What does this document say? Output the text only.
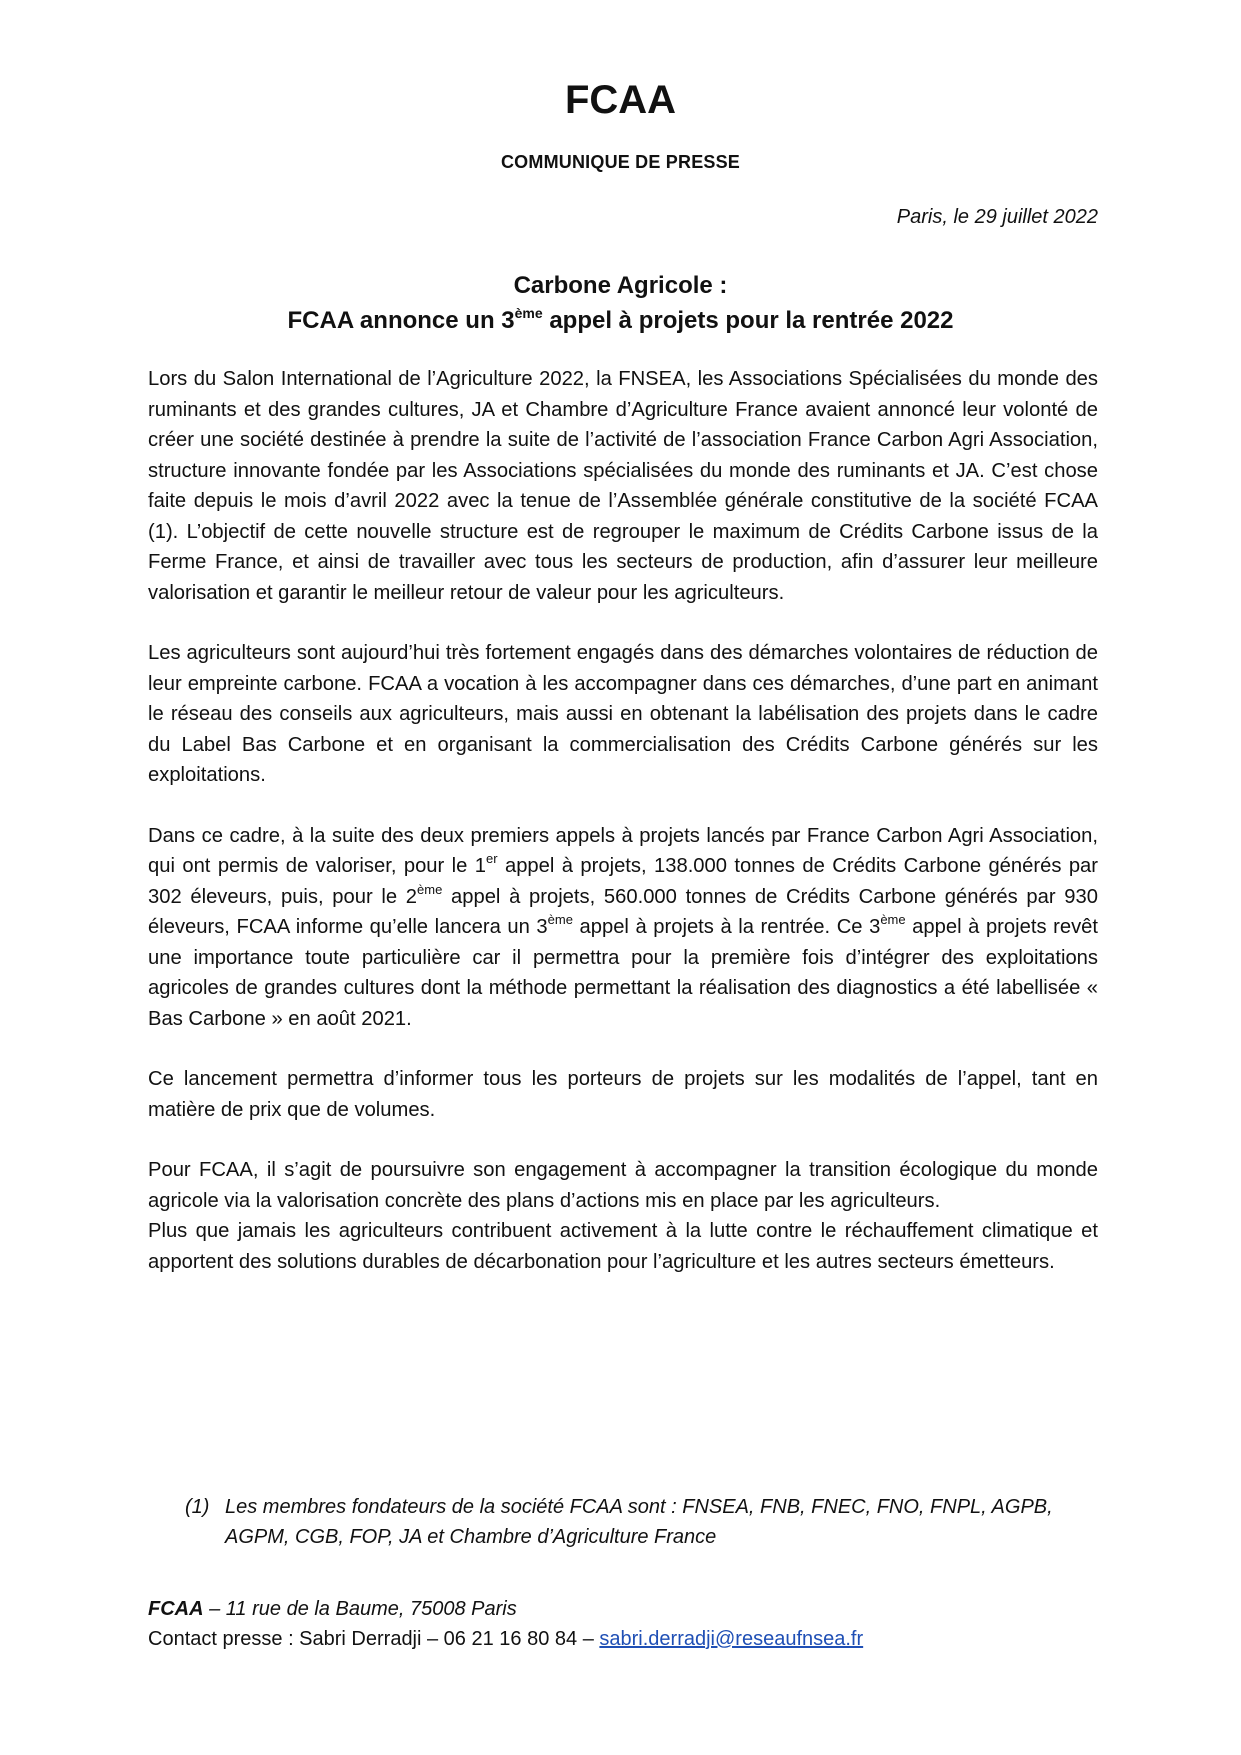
FCAA
COMMUNIQUE DE PRESSE
Paris, le 29 juillet 2022
Carbone Agricole :
FCAA annonce un 3ème appel à projets pour la rentrée 2022

Lors du Salon International de l’Agriculture 2022, la FNSEA, les Associations Spécialisées du monde des ruminants et des grandes cultures, JA et Chambre d’Agriculture France avaient annoncé leur volonté de créer une société destinée à prendre la suite de l’activité de l’association France Carbon Agri Association, structure innovante fondée par les Associations spécialisées du monde des ruminants et JA. C’est chose faite depuis le mois d’avril 2022 avec la tenue de l’Assemblée générale constitutive de la société FCAA (1). L’objectif de cette nouvelle structure est de regrouper le maximum de Crédits Carbone issus de la Ferme France, et ainsi de travailler avec tous les secteurs de production, afin d’assurer leur meilleure valorisation et garantir le meilleur retour de valeur pour les agriculteurs.

Les agriculteurs sont aujourd’hui très fortement engagés dans des démarches volontaires de réduction de leur empreinte carbone. FCAA a vocation à les accompagner dans ces démarches, d’une part en animant le réseau des conseils aux agriculteurs, mais aussi en obtenant la labélisation des projets dans le cadre du Label Bas Carbone et en organisant la commercialisation des Crédits Carbone générés sur les exploitations.

Dans ce cadre, à la suite des deux premiers appels à projets lancés par France Carbon Agri Association, qui ont permis de valoriser, pour le 1er appel à projets, 138.000 tonnes de Crédits Carbone générés par 302 éleveurs, puis, pour le 2ème appel à projets, 560.000 tonnes de Crédits Carbone générés par 930 éleveurs, FCAA informe qu’elle lancera un 3ème appel à projets à la rentrée. Ce 3ème appel à projets revêt une importance toute particulière car il permettra pour la première fois d’intégrer des exploitations agricoles de grandes cultures dont la méthode permettant la réalisation des diagnostics a été labellisée « Bas Carbone » en août 2021.

Ce lancement permettra d’informer tous les porteurs de projets sur les modalités de l’appel, tant en matière de prix que de volumes.

Pour FCAA, il s’agit de poursuivre son engagement à accompagner la transition écologique du monde agricole via la valorisation concrète des plans d’actions mis en place par les agriculteurs.

Plus que jamais les agriculteurs contribuent activement à la lutte contre le réchauffement climatique et apportent des solutions durables de décarbonation pour l’agriculture et les autres secteurs émetteurs.

(1) Les membres fondateurs de la société FCAA sont : FNSEA, FNB, FNEC, FNO, FNPL, AGPB, AGPM, CGB, FOP, JA et Chambre d’Agriculture France
FCAA – 11 rue de la Baume, 75008 Paris
Contact presse : Sabri Derradji – 06 21 16 80 84 – sabri.derradji@reseaufnsea.fr
